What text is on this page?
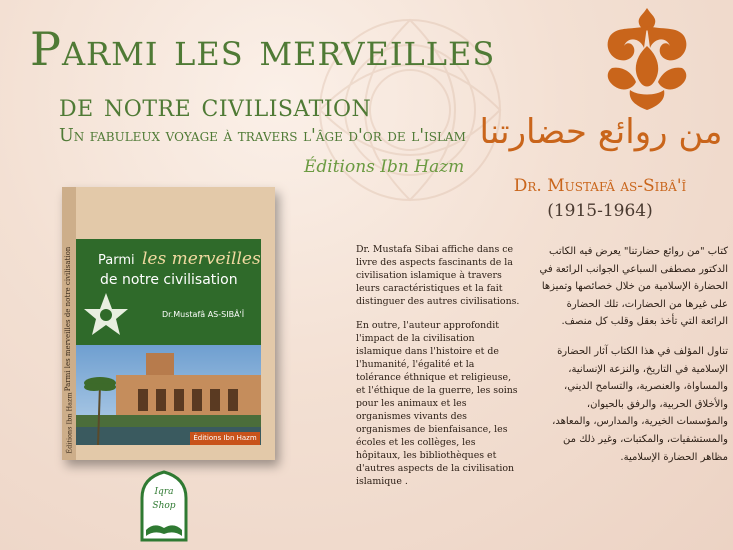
Parmi les merveilles
de notre civilisation
Un fabuleux voyage à travers l'âge d'or de l'islam
Éditions Ibn Hazm
من روائع حضارتنا
Dr. Mustafâ as-Sibâ'î
(1915-1964)
Parmi les merveilles de notre civilisation
Éditions Ibn Hazm
Parmi les merveilles
de notre civilisation
Dr.Mustafâ AS-SIBÂ'Î
Éditions Ibn Hazm
Iqra
Shop

Dr. Mustafa Sibai affiche dans ce livre des aspects fascinants de la civilisation islamique à travers leurs caractéristiques et la fait distinguer des autres civilisations.

En outre, l'auteur approfondit l'impact de la civilisation islamique dans l'histoire et de l'humanité, l'égalité et la tolérance éthnique et religieuse, et l'éthique de la guerre, les soins pour les animaux et les organismes vivants des organismes de bienfaisance, les écoles et les collèges, les hôpitaux, les bibliothèques et d'autres aspects de la civilisation islamique .

كتاب "من روائع حضارتنا" يعرض فيه الكاتب الدكتور مصطفى السباعي الجوانب الرائعة في الحضارة الإسلامية من خلال خصائصها وتميزها على غيرها من الحضارات، تلك الحضارة الرائعة التي تأخذ بعقل وقلب كل منصف.

تناول المؤلف في هذا الكتاب آثار الحضارة الإسلامية في التاريخ، والنزعة الإنسانية، والمساواة، والعنصرية، والتسامح الديني، والأخلاق الحربية، والرفق بالحيوان، والمؤسسات الخيرية، والمدارس، والمعاهد، والمستشفيات، والمكتبات، وغير ذلك من مظاهر الحضارة الإسلامية.
